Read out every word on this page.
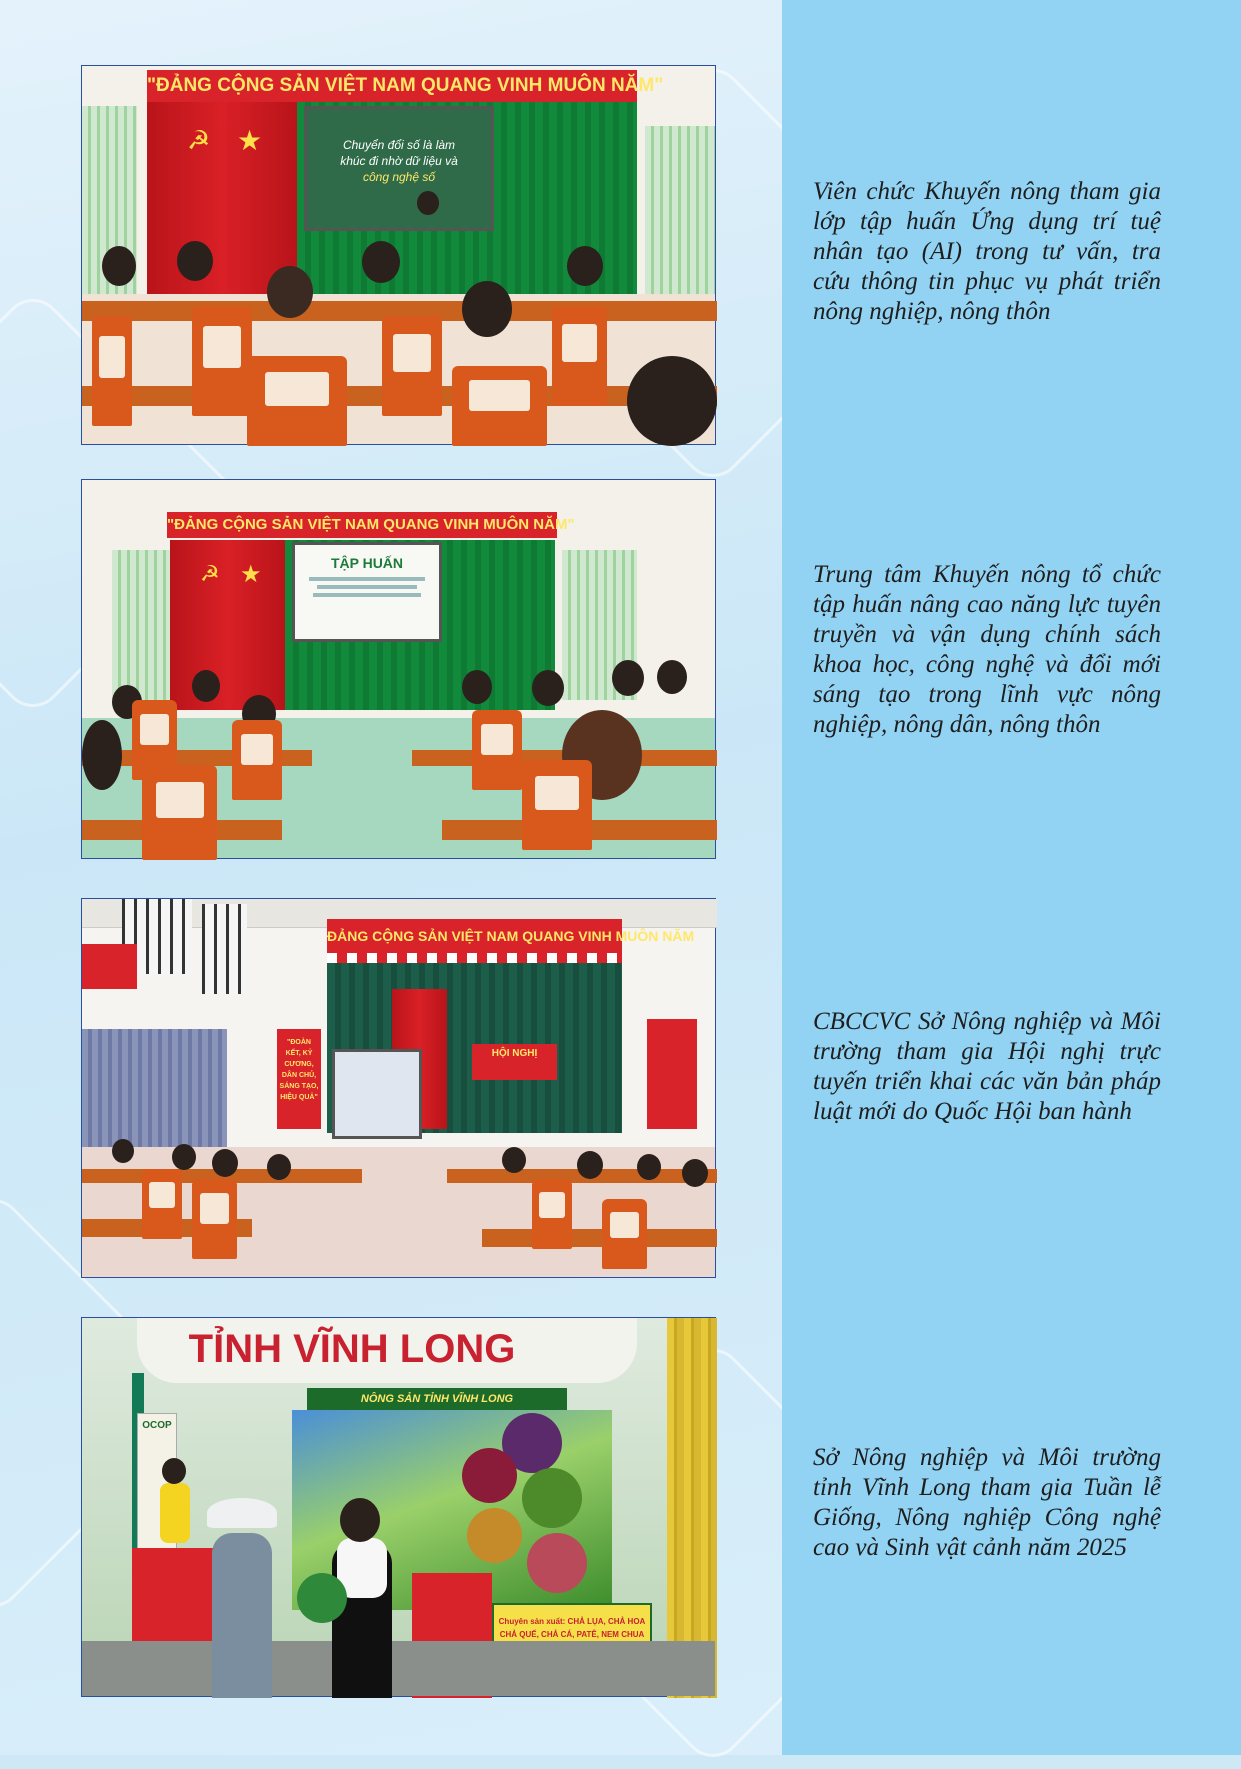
"ĐẢNG CỘNG SẢN VIỆT NAM QUANG VINH MUÔN NĂM"
☭ ★	Chuyển đổi số là làm
khúc đi nhờ dữ liệu và
công nghệ số
"ĐẢNG CỘNG SẢN VIỆT NAM QUANG VINH MUÔN NĂM"
☭ ★	TẬP HUẤN
ĐẢNG CỘNG SẢN VIỆT NAM QUANG VINH MUÔN NĂM
HỘI NGHỊ
"ĐOÀN KẾT, KỶ CƯƠNG, DÂN CHỦ, SÁNG TẠO, HIỆU QUẢ"
TỈNH VĨNH LONG
NÔNG SẢN TỈNH VĨNH LONG
OCOP
Chuyên sản xuất: CHẢ LỤA, CHẢ HOA
CHẢ QUẾ, CHẢ CÁ, PATÊ, NEM CHUA

Viên chức Khuyến nông tham gia lớp tập huấn Ứng dụng trí tuệ nhân tạo (AI) trong tư vấn, tra cứu thông tin phục vụ phát triển nông nghiệp, nông thôn

Trung tâm Khuyến nông tổ chức tập huấn nâng cao năng lực tuyên truyền và vận dụng chính sách khoa học, công nghệ và đổi mới sáng tạo trong lĩnh vực nông nghiệp, nông dân, nông thôn

CBCCVC Sở Nông nghiệp và Môi trường tham gia Hội nghị trực tuyến triển khai các văn bản pháp luật mới do Quốc Hội ban hành

Sở Nông nghiệp và Môi trường tỉnh Vĩnh Long tham gia Tuần lễ Giống, Nông nghiệp Công nghệ cao và Sinh vật cảnh năm 2025
